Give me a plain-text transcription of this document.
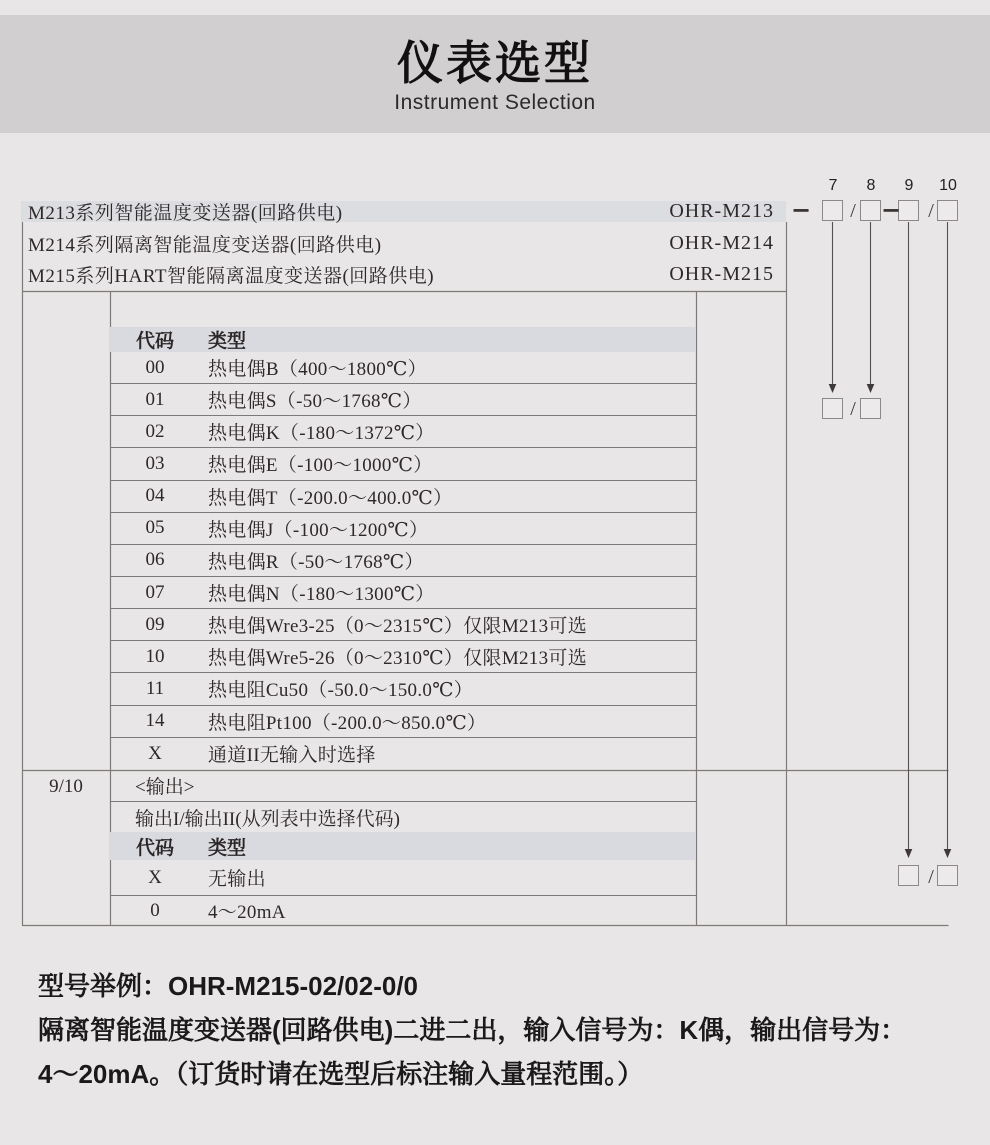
仪表选型
Instrument Selection
M213系列智能温度变送器(回路供电)	OHR-M213
M214系列隔离智能温度变送器(回路供电)	OHR-M214
M215系列HART智能隔离温度变送器(回路供电)	OHR-M215
7	8	9	10
−	/	−	/
/
/
代码	类型
00	热电偶B（400～1800℃）
01	热电偶S（-50～1768℃）
02	热电偶K（-180～1372℃）
03	热电偶E（-100～1000℃）
04	热电偶T（-200.0～400.0℃）
05	热电偶J（-100～1200℃）
06	热电偶R（-50～1768℃）
07	热电偶N（-180～1300℃）
09	热电偶Wre3-25（0～2315℃）仅限M213可选
10	热电偶Wre5-26（0～2310℃）仅限M213可选
11	热电阻Cu50（-50.0～150.0℃）
14	热电阻Pt100（-200.0～850.0℃）
X	通道II无输入时选择
9/10	<输出>
输出I/输出II(从列表中选择代码)
代码	类型
X	无输出
0	4～20mA
型号举例：OHR-M215-02/02-0/0
隔离智能温度变送器(回路供电)二进二出，输入信号为：K偶，输出信号为：
4～20mA。（订货时请在选型后标注输入量程范围。）
